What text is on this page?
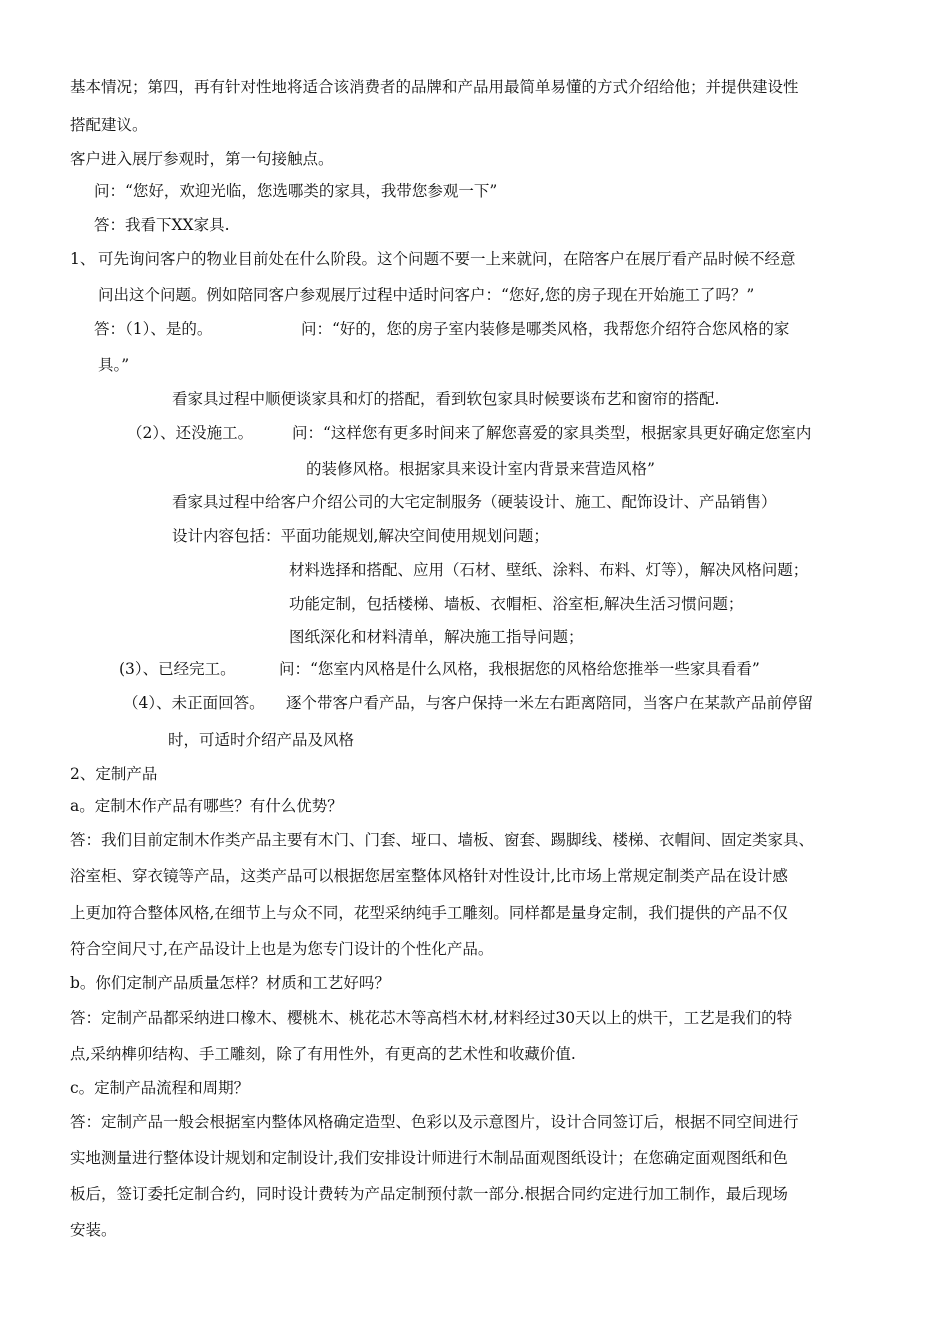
基本情况；第四，再有针对性地将适合该消费者的品牌和产品用最简单易懂的方式介绍给他；并提供建设性
搭配建议。
客户进入展厅参观时，第一句接触点。
问：“您好，欢迎光临，您选哪类的家具，我带您参观一下”
答：我看下XX家具.
1、 可先询问客户的物业目前处在什么阶段。这个问题不要一上来就问，在陪客户在展厅看产品时候不经意
问出这个问题。例如陪同客户参观展厅过程中适时问客户：“您好,您的房子现在开始施工了吗？”
答：（1）、是的。	问：“好的，您的房子室内装修是哪类风格，我帮您介绍符合您风格的家
具。”
看家具过程中顺便谈家具和灯的搭配，看到软包家具时候要谈布艺和窗帘的搭配.
（2）、还没施工。	问：“这样您有更多时间来了解您喜爱的家具类型，根据家具更好确定您室内
的装修风格。根据家具来设计室内背景来营造风格”
看家具过程中给客户介绍公司的大宅定制服务（硬装设计、施工、配饰设计、产品销售）
设计内容包括：平面功能规划,解决空间使用规划问题；
材料选择和搭配、应用（石材、壁纸、涂料、布料、灯等），解决风格问题；
功能定制，包括楼梯、墙板、衣帽柜、浴室柜,解决生活习惯问题；
图纸深化和材料清单，解决施工指导问题；
(3）、已经完工。	问：“您室内风格是什么风格，我根据您的风格给您推举一些家具看看”
（4）、未正面回答。 逐个带客户看产品，与客户保持一米左右距离陪同，当客户在某款产品前停留
时，可适时介绍产品及风格
2、定制产品
a。定制木作产品有哪些？有什么优势？
答：我们目前定制木作类产品主要有木门、门套、垭口、墙板、窗套、踢脚线、楼梯、衣帽间、固定类家具、
浴室柜、穿衣镜等产品，这类产品可以根据您居室整体风格针对性设计,比市场上常规定制类产品在设计感
上更加符合整体风格,在细节上与众不同，花型采纳纯手工雕刻。同样都是量身定制，我们提供的产品不仅
符合空间尺寸,在产品设计上也是为您专门设计的个性化产品。
b。你们定制产品质量怎样？材质和工艺好吗？
答：定制产品都采纳进口橡木、樱桃木、桃花芯木等高档木材,材料经过30天以上的烘干，工艺是我们的特
点,采纳榫卯结构、手工雕刻，除了有用性外，有更高的艺术性和收藏价值.
c。定制产品流程和周期？
答：定制产品一般会根据室内整体风格确定造型、色彩以及示意图片，设计合同签订后，根据不同空间进行
实地测量进行整体设计规划和定制设计,我们安排设计师进行木制品面观图纸设计；在您确定面观图纸和色
板后，签订委托定制合约，同时设计费转为产品定制预付款一部分.根据合同约定进行加工制作，最后现场
安装。
